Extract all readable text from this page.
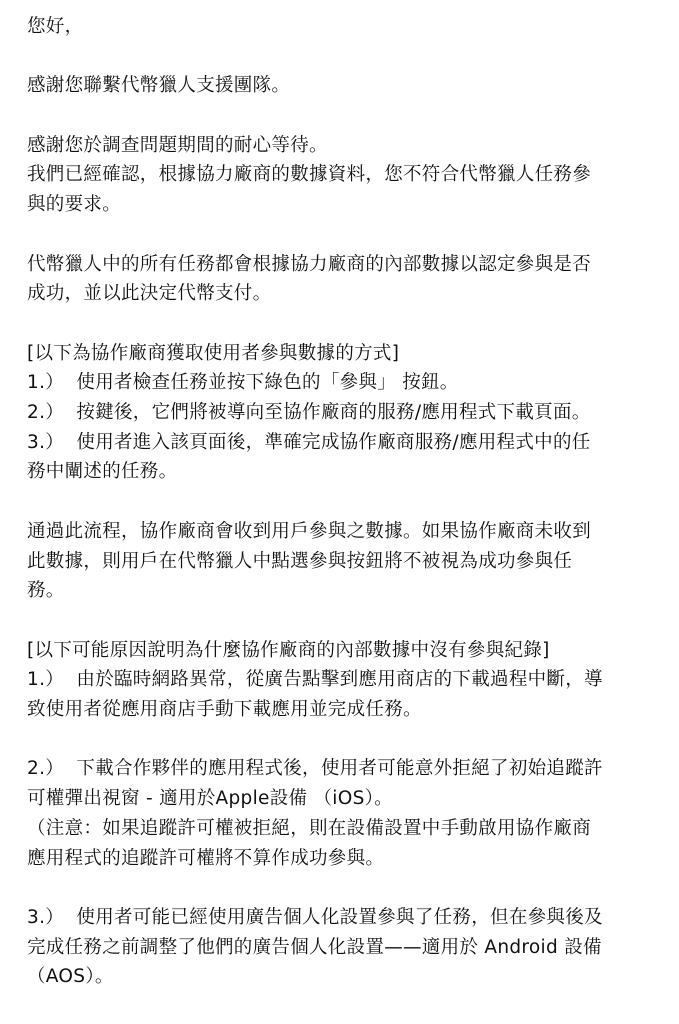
您好，

感謝您聯繫代幣獵人支援團隊。

感謝您於調查問題期間的耐心等待。

我們已經確認，根據協力廠商的數據資料，您不符合代幣獵人任務參
與的要求。

代幣獵人中的所有任務都會根據協力廠商的內部數據以認定參與是否
成功，並以此決定代幣支付。

[以下為協作廠商獲取使用者參與數據的方式]

1.）  使用者檢查任務並按下綠色的「參與」 按鈕。

2.）  按鍵後，它們將被導向至協作廠商的服務/應用程式下載頁面。

3.）  使用者進入該頁面後，準確完成協作廠商服務/應用程式中的任
務中闡述的任務。

通過此流程，協作廠商會收到用戶參與之數據。如果協作廠商未收到
此數據，則用戶在代幣獵人中點選參與按鈕將不被視為成功參與任
務。

[以下可能原因說明為什麼協作廠商的內部數據中沒有參與紀錄]

1.）  由於臨時網路異常，從廣告點擊到應用商店的下載過程中斷，導
致使用者從應用商店手動下載應用並完成任務。

2.）  下載合作夥伴的應用程式後，使用者可能意外拒絕了初始追蹤許
可權彈出視窗 - 適用於Apple設備 （iOS）。

（注意：如果追蹤許可權被拒絕，則在設備設置中手動啟用協作廠商
應用程式的追蹤許可權將不算作成功參與。

3.）  使用者可能已經使用廣告個人化設置參與了任務，但在參與後及
完成任務之前調整了他們的廣告個人化設置——適用於 Android 設備
（AOS）。
